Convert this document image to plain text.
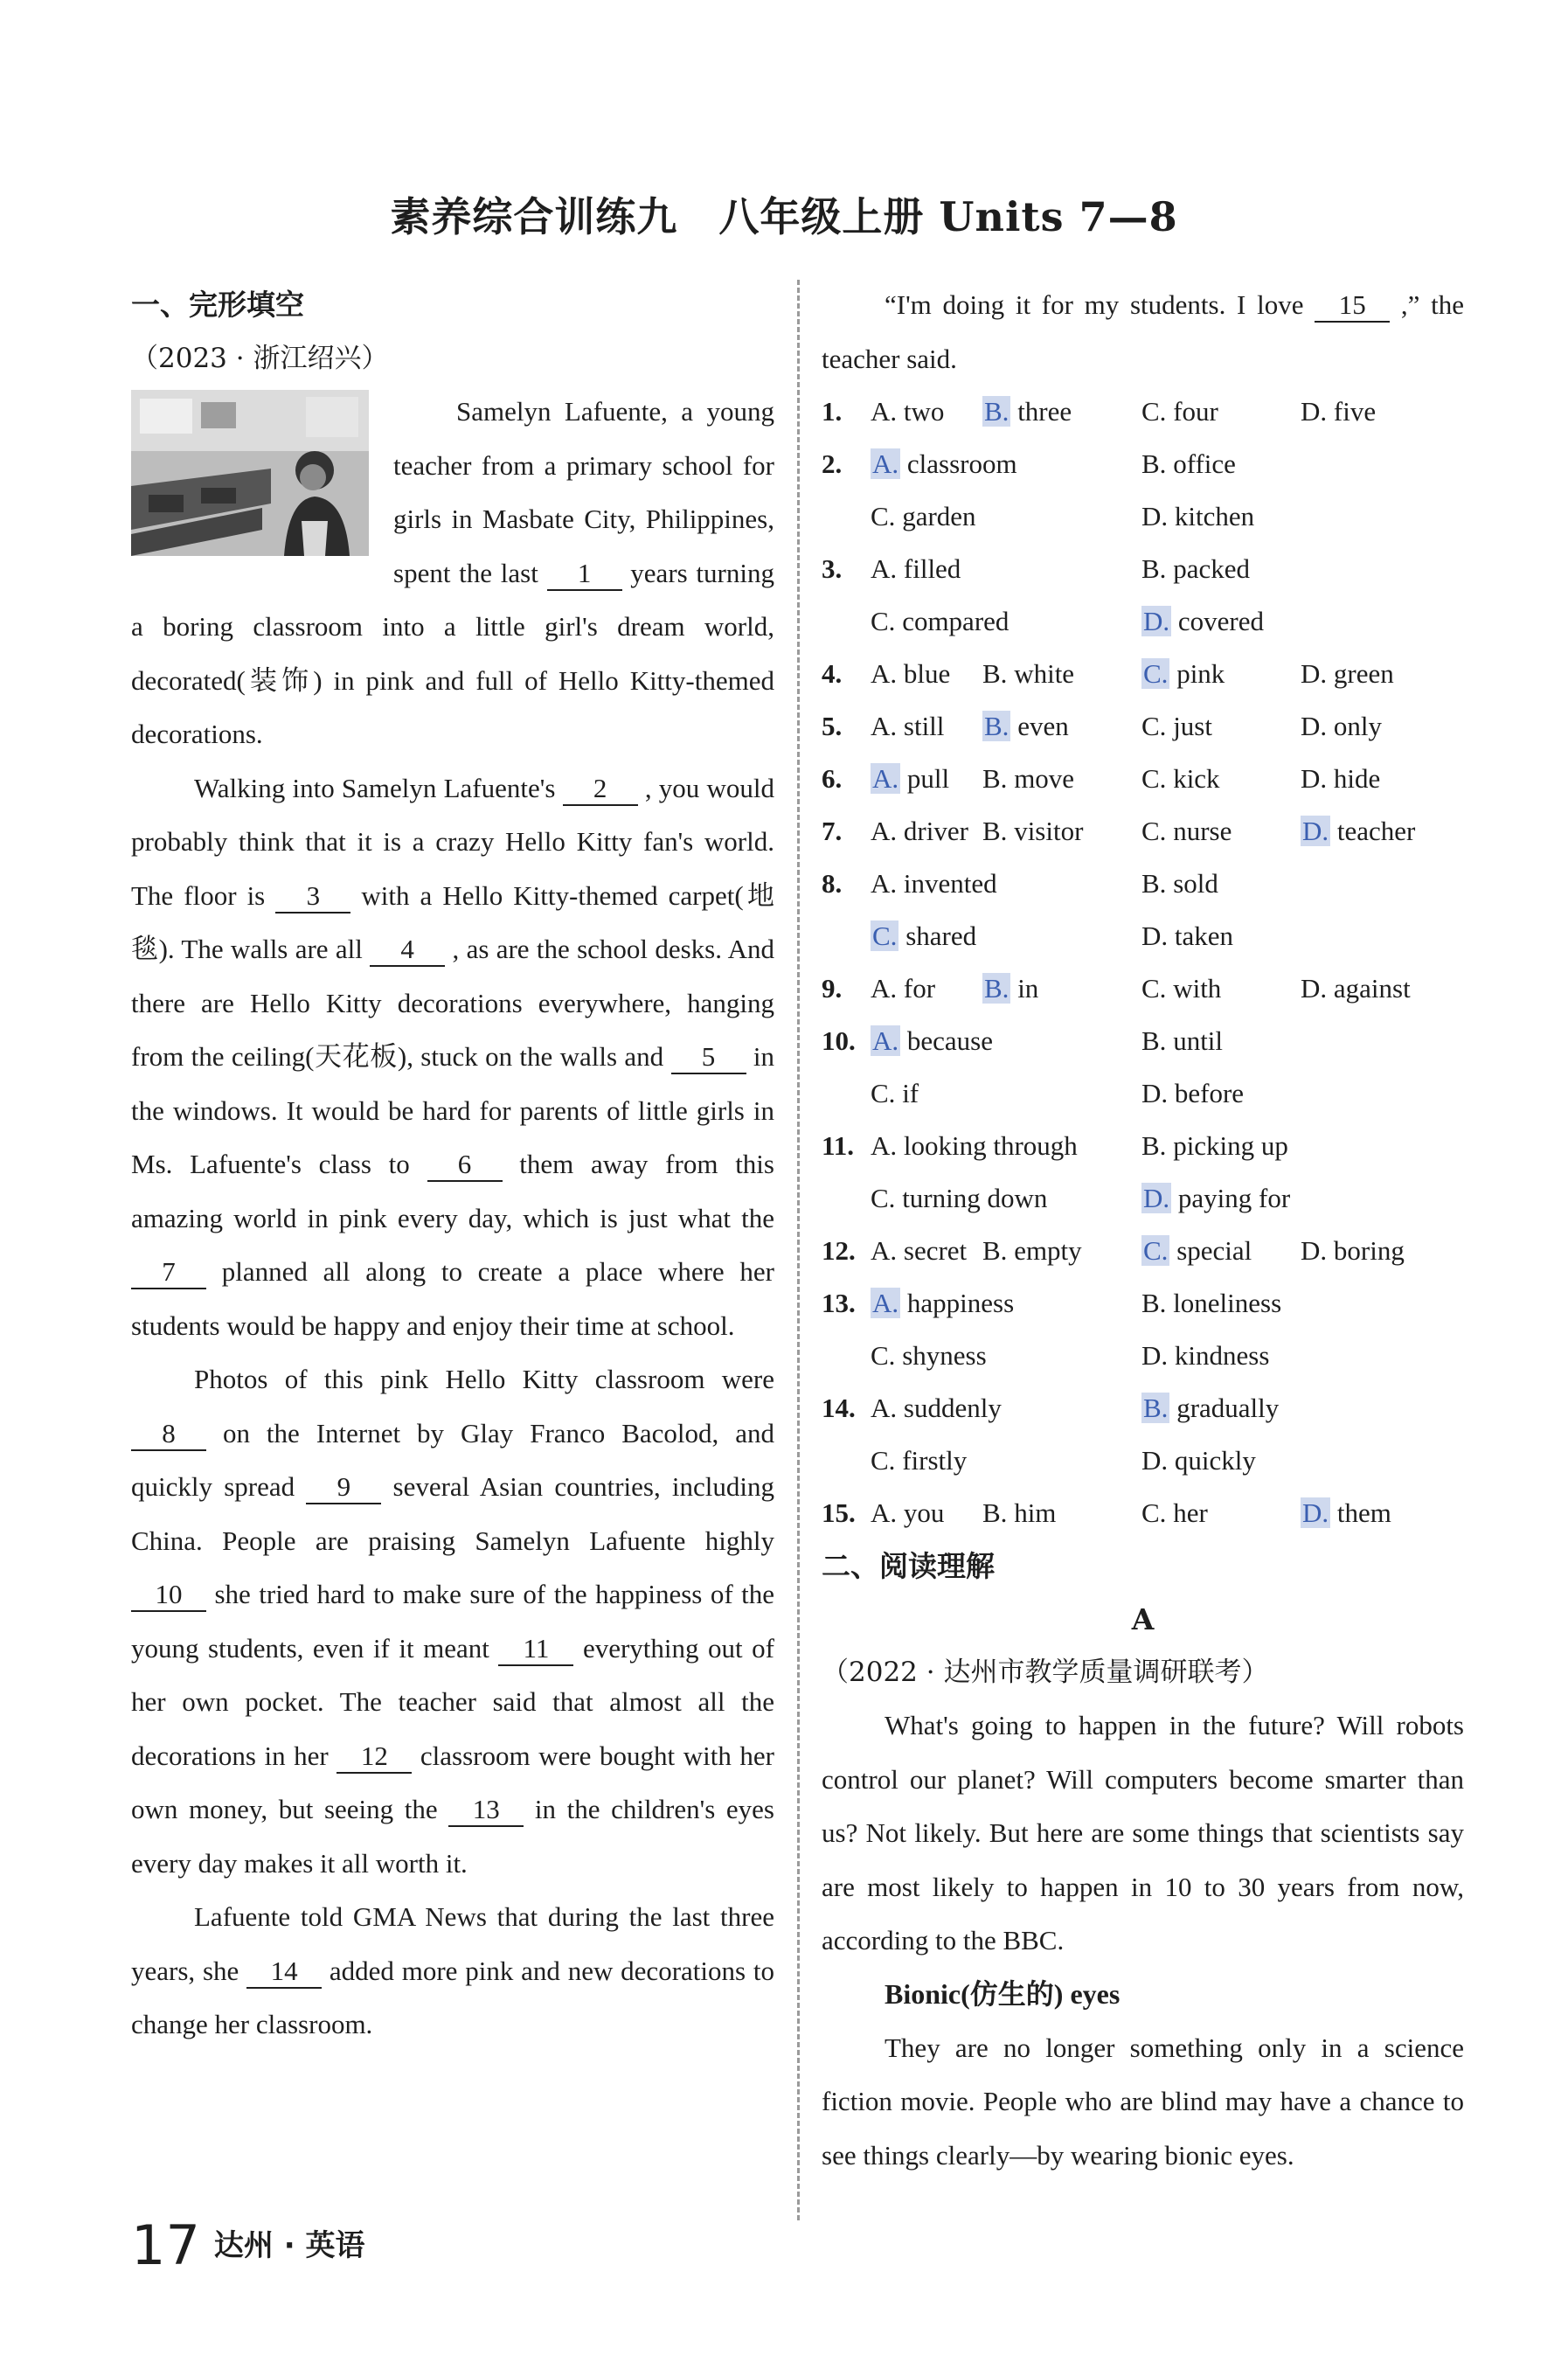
素养综合训练九　八年级上册 Units 7—8
一、完形填空
（2023 · 浙江绍兴）

Samelyn Lafuente, a young teacher from a primary school for girls in Masbate City, Philippines, spent the last 1 years turning a boring classroom into a little girl's dream world, decorated(装饰) in pink and full of Hello Kitty-themed decorations.

Walking into Samelyn Lafuente's 2 , you would probably think that it is a crazy Hello Kitty fan's world. The floor is 3 with a Hello Kitty-themed carpet(地毯). The walls are all 4 , as are the school desks. And there are Hello Kitty decorations everywhere, hanging from the ceiling(天花板), stuck on the walls and 5 in the windows. It would be hard for parents of little girls in Ms. Lafuente's class to 6 them away from this amazing world in pink every day, which is just what the 7 planned all along to create a place where her students would be happy and enjoy their time at school.

Photos of this pink Hello Kitty classroom were 8 on the Internet by Glay Franco Bacolod, and quickly spread 9 several Asian countries, including China. People are praising Samelyn Lafuente highly 10 she tried hard to make sure of the happiness of the young students, even if it meant 11 everything out of her own pocket. The teacher said that almost all the decorations in her 12 classroom were bought with her own money, but seeing the 13 in the children's eyes every day makes it all worth it.

Lafuente told GMA News that during the last three years, she 14 added more pink and new decorations to change her classroom.

“I'm doing it for my students. I love 15 ,” the teacher said.

1.	A. two	B. three	C. four	D. five
2.	A. classroom	B. office
C. garden	D. kitchen
3.	A. filled	B. packed
C. compared	D. covered
4.	A. blue	B. white	C. pink	D. green
5.	A. still	B. even	C. just	D. only
6.	A. pull	B. move	C. kick	D. hide
7.	A. driver B. visitor	C. nurse	D. teacher
8.	A. invented	B. sold
C. shared	D. taken
9.	A. for	B. in	C. with	D. against
10. A. because	B. until
C. if	D. before
11. A. looking through	B. picking up
C. turning down	D. paying for
12. A. secret B. empty	C. special	D. boring
13. A. happiness	B. loneliness
C. shyness	D. kindness
14. A. suddenly	B. gradually
C. firstly	D. quickly
15. A. you	B. him	C. her	D. them
二、阅读理解
A
（2022 · 达州市教学质量调研联考）

What's going to happen in the future? Will robots control our planet? Will computers become smarter than us? Not likely. But here are some things that scientists say are most likely to happen in 10 to 30 years from now, according to the BBC.

Bionic(仿生的) eyes

They are no longer something only in a science fiction movie. People who are blind may have a chance to see things clearly—by wearing bionic eyes.

17 达州 · 英语
